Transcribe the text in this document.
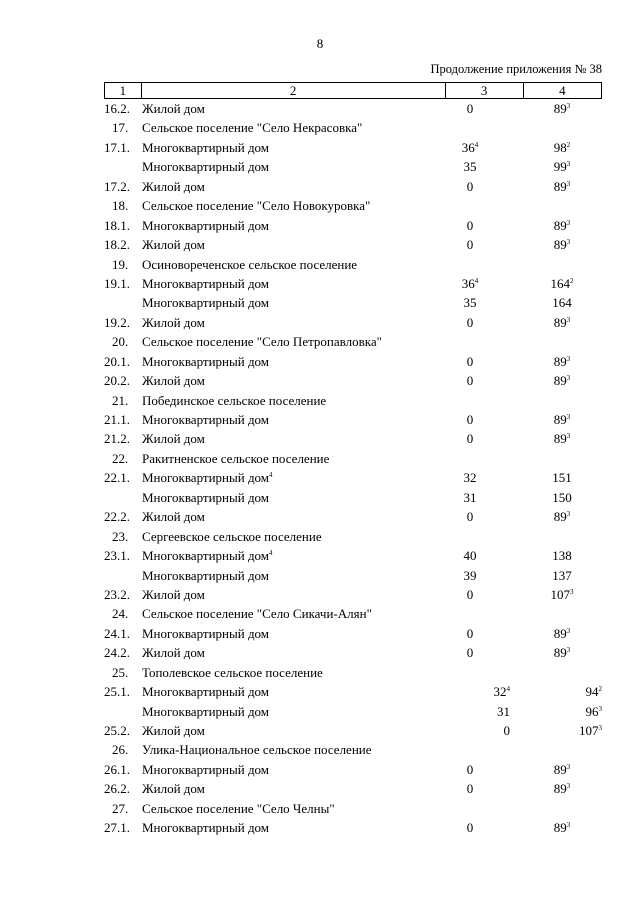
8
Продолжение приложения № 38
1	2	3	4
16.2. Жилой дом	0	$89^3$
17. Сельское поселение "Село Некрасовка"
17.1. Многоквартирный дом	$36^4$	$98^2$
Многоквартирный дом	35	$99^3$
17.2. Жилой дом	0	$89^3$
18. Сельское поселение "Село Новокуровка"
18.1. Многоквартирный дом	0	$89^3$
18.2. Жилой дом	0	$89^3$
19. Осиновореченское сельское поселение
19.1. Многоквартирный дом	$36^4$	$164^2$
Многоквартирный дом	35	164
19.2. Жилой дом	0	$89^3$
20. Сельское поселение "Село Петропавловка"
20.1. Многоквартирный дом	0	$89^3$
20.2. Жилой дом	0	$89^3$
21. Побединское сельское поселение
21.1. Многоквартирный дом	0	$89^3$
21.2. Жилой дом	0	$89^3$
22. Ракитненское сельское поселение
22.1. Многоквартирный дом$^4$	32	151
Многоквартирный дом	31	150
22.2. Жилой дом	0	$89^3$
23. Сергеевское сельское поселение
23.1. Многоквартирный дом$^4$	40	138
Многоквартирный дом	39	137
23.2. Жилой дом	0	$107^3$
24. Сельское поселение "Село Сикачи-Алян"
24.1. Многоквартирный дом	0	$89^3$
24.2. Жилой дом	0	$89^3$
25. Тополевское сельское поселение
25.1. Многоквартирный дом	$32^4$	$94^2$
Многоквартирный дом	31	$96^3$
25.2. Жилой дом	0	$107^3$
26. Улика-Национальное сельское поселение
26.1. Многоквартирный дом	0	$89^3$
26.2. Жилой дом	0	$89^3$
27. Сельское поселение "Село Челны"
27.1. Многоквартирный дом	0	$89^3$
